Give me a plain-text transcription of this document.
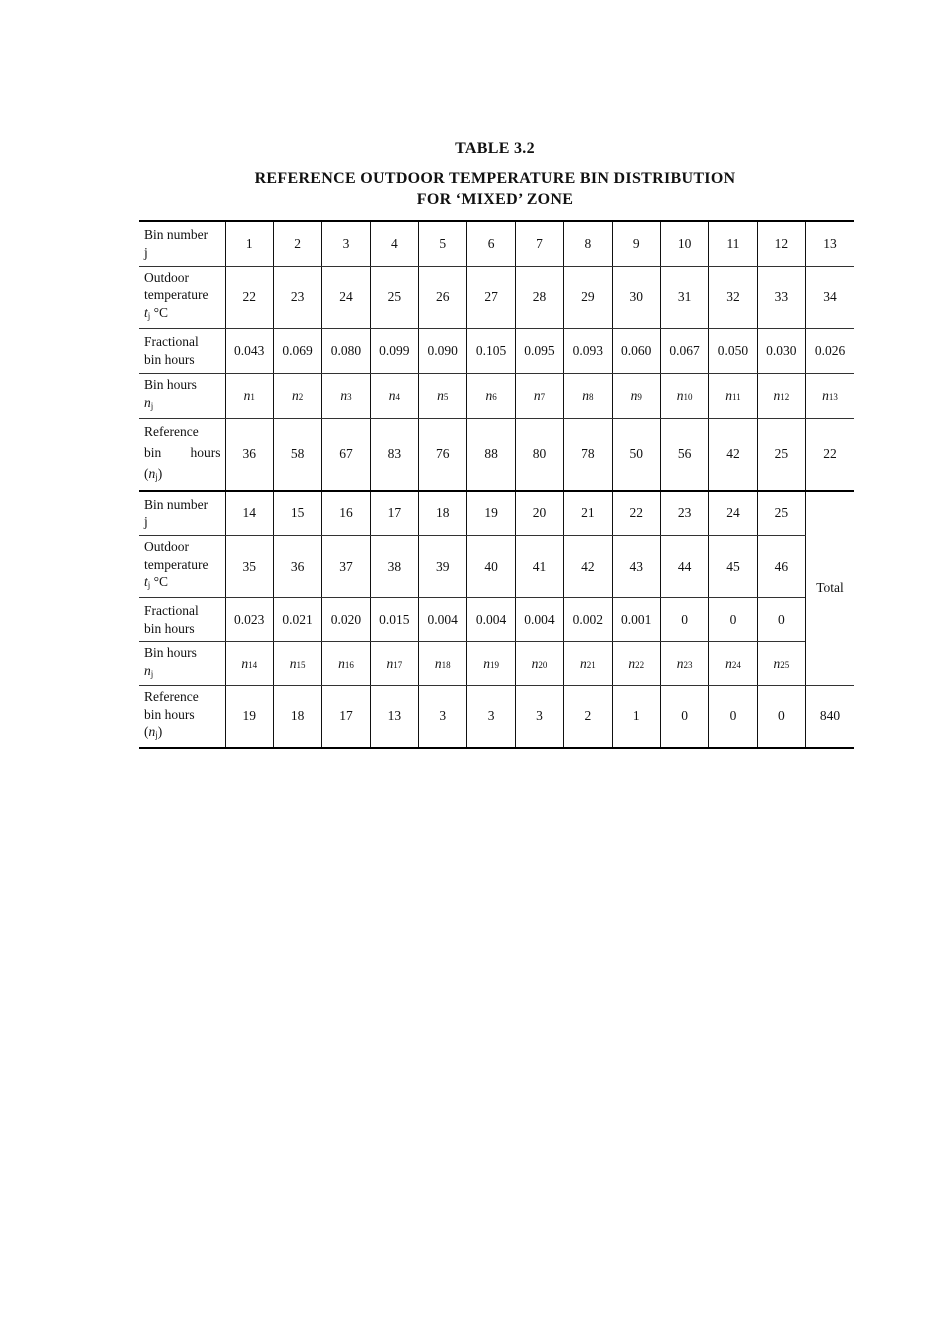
TABLE 3.2
REFERENCE OUTDOOR TEMPERATURE BIN DISTRIBUTION
FOR ‘MIXED’ ZONE
Bin number
j	1	2	3	4	5	6	7	8	9	10	11	12	13
Outdoor
temperature
$t_j$ °C	22	23	24	25	26	27	28	29	30	31	32	33	34
Fractional
bin hours	0.043	0.069	0.080	0.099	0.090	0.105	0.095	0.093	0.060	0.067	0.050	0.030	0.026
Bin hours
$n_j$	n1	n2	n3	n4	n5	n6	n7	n8	n9	n10	n11	n12	n13
Reference

bin hours
$(n_j)$	36	58	67	83	76	88	80	78	50	56	42	25	22
Bin number
j	14	15	16	17	18	19	20	21	22	23	24	25	Total
Outdoor
temperature
$t_j$ °C	35	36	37	38	39	40	41	42	43	44	45	46	
Fractional
bin hours	0.023	0.021	0.020	0.015	0.004	0.004	0.004	0.002	0.001	0	0	0	
Bin hours
$n_j$	n14	n15	n16	n17	n18	n19	n20	n21	n22	n23	n24	n25	
Reference
bin hours
$(n_j)$	19	18	17	13	3	3	3	2	1	0	0	0	840
